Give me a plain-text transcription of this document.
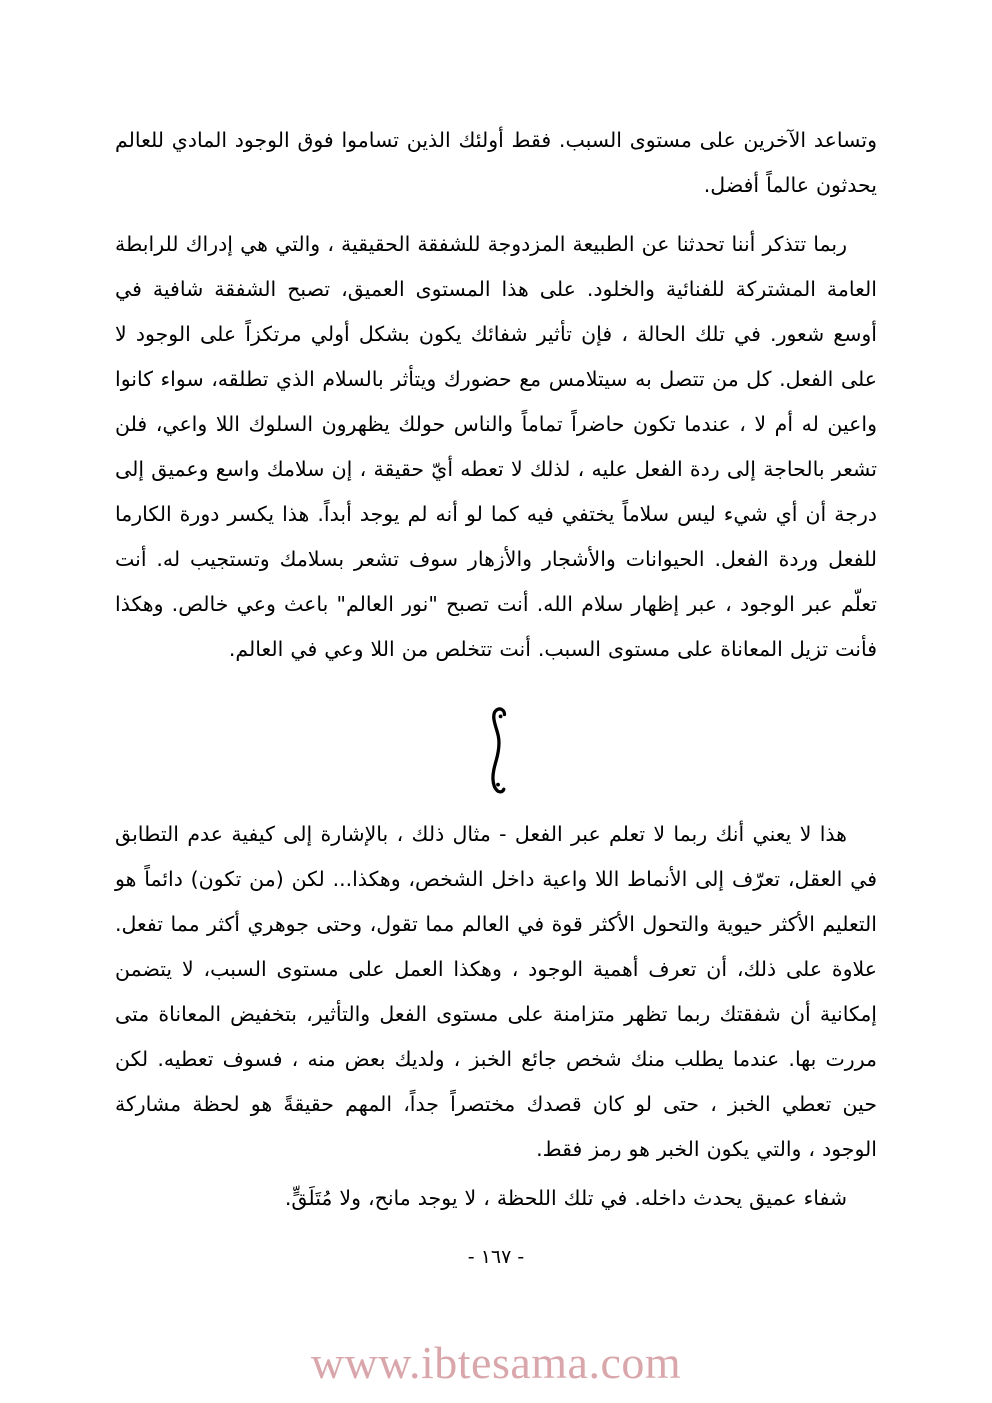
وتساعد الآخرين على مستوى السبب. فقط أولئك الذين تساموا فوق الوجود المادي للعالم يحدثون عالماً أفضل.

ربما تتذكر أننا تحدثنا عن الطبيعة المزدوجة للشفقة الحقيقية ، والتي هي إدراك للرابطة العامة المشتركة للفنائية والخلود. على هذا المستوى العميق، تصبح الشفقة شافية في أوسع شعور. في تلك الحالة ، فإن تأثير شفائك يكون بشكل أولي مرتكزاً على الوجود لا على الفعل. كل من تتصل به سيتلامس مع حضورك ويتأثر بالسلام الذي تطلقه، سواء كانوا واعين له أم لا ، عندما تكون حاضراً تماماً والناس حولك يظهرون السلوك اللا واعي، فلن تشعر بالحاجة إلى ردة الفعل عليه ، لذلك لا تعطه أيّ حقيقة ، إن سلامك واسع وعميق إلى درجة أن أي شيء ليس سلاماً يختفي فيه كما لو أنه لم يوجد أبداً. هذا يكسر دورة الكارما للفعل وردة الفعل. الحيوانات والأشجار والأزهار سوف تشعر بسلامك وتستجيب له. أنت تعلّم عبر الوجود ، عبر إظهار سلام الله. أنت تصبح "نور العالم" باعث وعي خالص. وهكذا فأنت تزيل المعاناة على مستوى السبب. أنت تتخلص من اللا وعي في العالم.

هذا لا يعني أنك ربما لا تعلم عبر الفعل - مثال ذلك ، بالإشارة إلى كيفية عدم التطابق في العقل، تعرّف إلى الأنماط اللا واعية داخل الشخص، وهكذا... لكن (من تكون) دائماً هو التعليم الأكثر حيوية والتحول الأكثر قوة في العالم مما تقول، وحتى جوهري أكثر مما تفعل. علاوة على ذلك، أن تعرف أهمية الوجود ، وهكذا العمل على مستوى السبب، لا يتضمن إمكانية أن شفقتك ربما تظهر متزامنة على مستوى الفعل والتأثير، بتخفيض المعاناة متى مررت بها. عندما يطلب منك شخص جائع الخبز ، ولديك بعض منه ، فسوف تعطيه. لكن حين تعطي الخبز ، حتى لو كان قصدك مختصراً جداً، المهم حقيقةً هو لحظة مشاركة الوجود ، والتي يكون الخبر هو رمز فقط.

شفاء عميق يحدث داخله. في تلك اللحظة ، لا يوجد مانح، ولا مُتَلَقٍّ.

- ١٦٧ -
www.ibtesama.com
